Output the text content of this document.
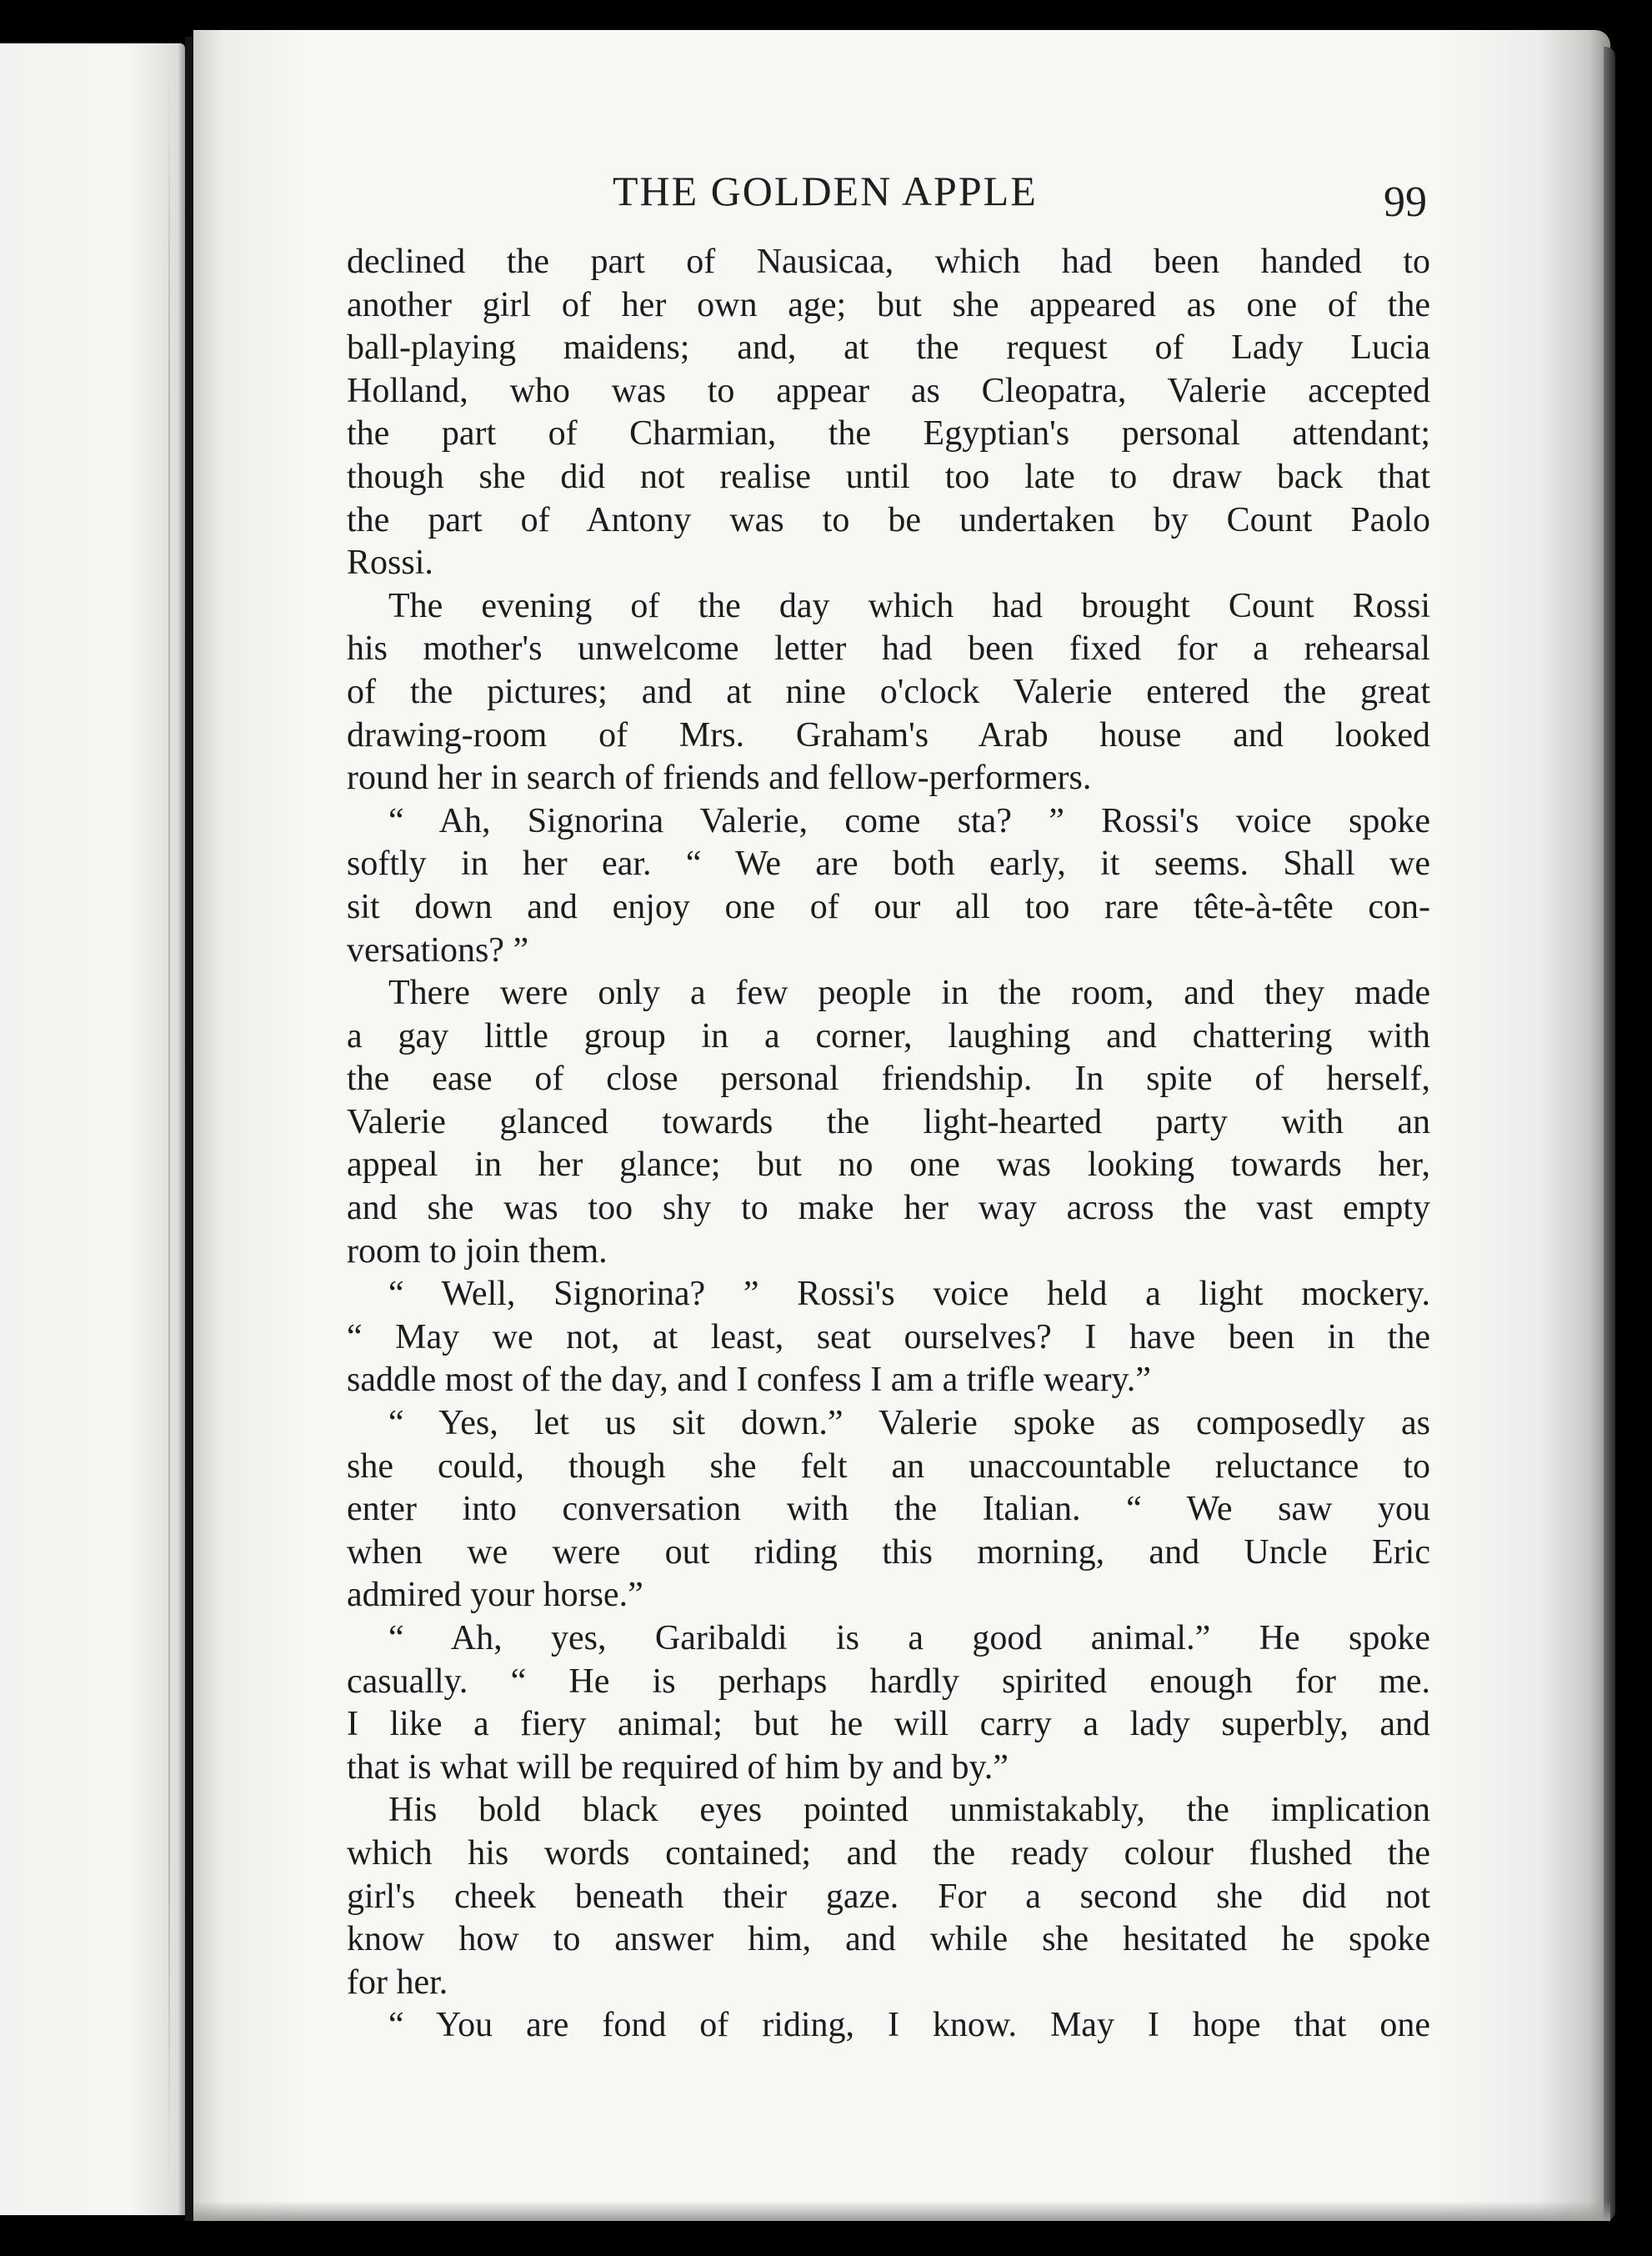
THE GOLDEN APPLE	99
declined the part of Nausicaa, which had been handed to
another girl of her own age; but she appeared as one of the
ball-playing maidens; and, at the request of Lady Lucia
Holland, who was to appear as Cleopatra, Valerie accepted
the part of Charmian, the Egyptian's personal attendant;
though she did not realise until too late to draw back that
the part of Antony was to be undertaken by Count Paolo
Rossi.
The evening of the day which had brought Count Rossi
his mother's unwelcome letter had been fixed for a rehearsal
of the pictures; and at nine o'clock Valerie entered the great
drawing-room of Mrs. Graham's Arab house and looked
round her in search of friends and fellow-performers.
“ Ah, Signorina Valerie, come sta? ” Rossi's voice spoke
softly in her ear. “ We are both early, it seems. Shall we
sit down and enjoy one of our all too rare tête-à-tête con-
versations? ”
There were only a few people in the room, and they made
a gay little group in a corner, laughing and chattering with
the ease of close personal friendship. In spite of herself,
Valerie glanced towards the light-hearted party with an
appeal in her glance; but no one was looking towards her,
and she was too shy to make her way across the vast empty
room to join them.
“ Well, Signorina? ” Rossi's voice held a light mockery.
“ May we not, at least, seat ourselves? I have been in the
saddle most of the day, and I confess I am a trifle weary.”
“ Yes, let us sit down.” Valerie spoke as composedly as
she could, though she felt an unaccountable reluctance to
enter into conversation with the Italian. “ We saw you
when we were out riding this morning, and Uncle Eric
admired your horse.”
“ Ah, yes, Garibaldi is a good animal.” He spoke
casually. “ He is perhaps hardly spirited enough for me.
I like a fiery animal; but he will carry a lady superbly, and
that is what will be required of him by and by.”
His bold black eyes pointed unmistakably, the implication
which his words contained; and the ready colour flushed the
girl's cheek beneath their gaze. For a second she did not
know how to answer him, and while she hesitated he spoke
for her.
“ You are fond of riding, I know. May I hope that one
